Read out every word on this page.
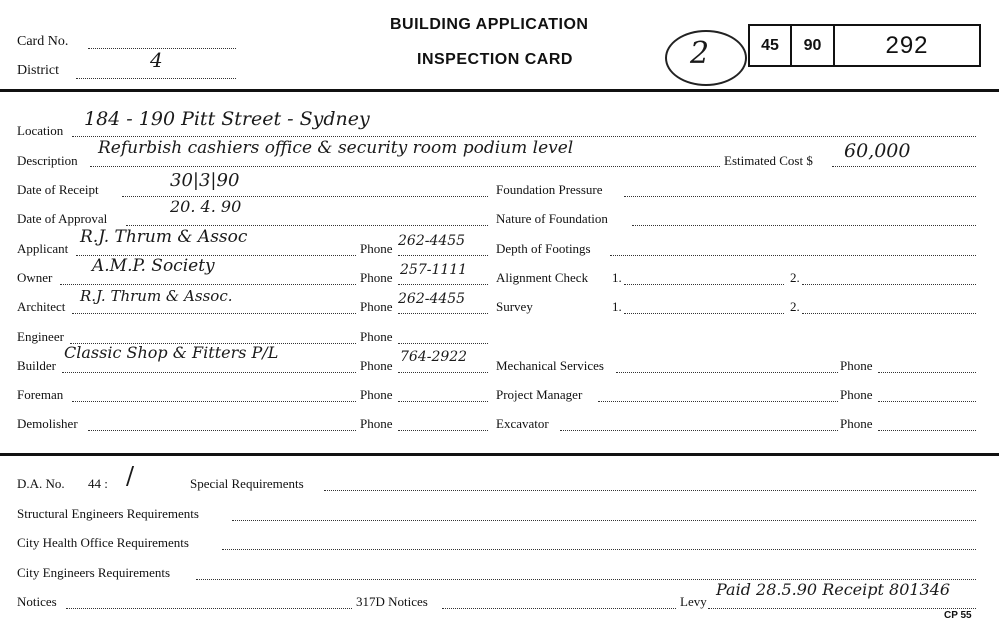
Card No.
District	4
BUILDING APPLICATION
INSPECTION CARD	2	45	90	292
Location
184 - 190 Pitt Street - Sydney
Description
Refurbish cashiers office & security room podium level
Estimated Cost $ 60,000
Date of Receipt	30|3|90
Date of Approval
20. 4. 90
Applicant
R.J. Thrum & Assoc
Phone 262-4455
Owner
A.M.P. Society
Phone 257-1111
Architect
R.J. Thrum & Assoc.
Phone 262-4455
Engineer	Phone
Builder
Classic Shop & Fitters P/L
Phone
764-2922
Foreman	Phone
Demolisher	Phone
Foundation Pressure
Nature of Foundation
Depth of Footings
Alignment Check 1.	2.
Survey	1.	2.
Mechanical Services	Phone
Project Manager	Phone
Excavator	Phone
D.A. No. 44 : /	Special Requirements
Structural Engineers Requirements
City Health Office Requirements
City Engineers Requirements
Notices	317D Notices	Levy
Paid 28.5.90 Receipt 801346
CP 55
